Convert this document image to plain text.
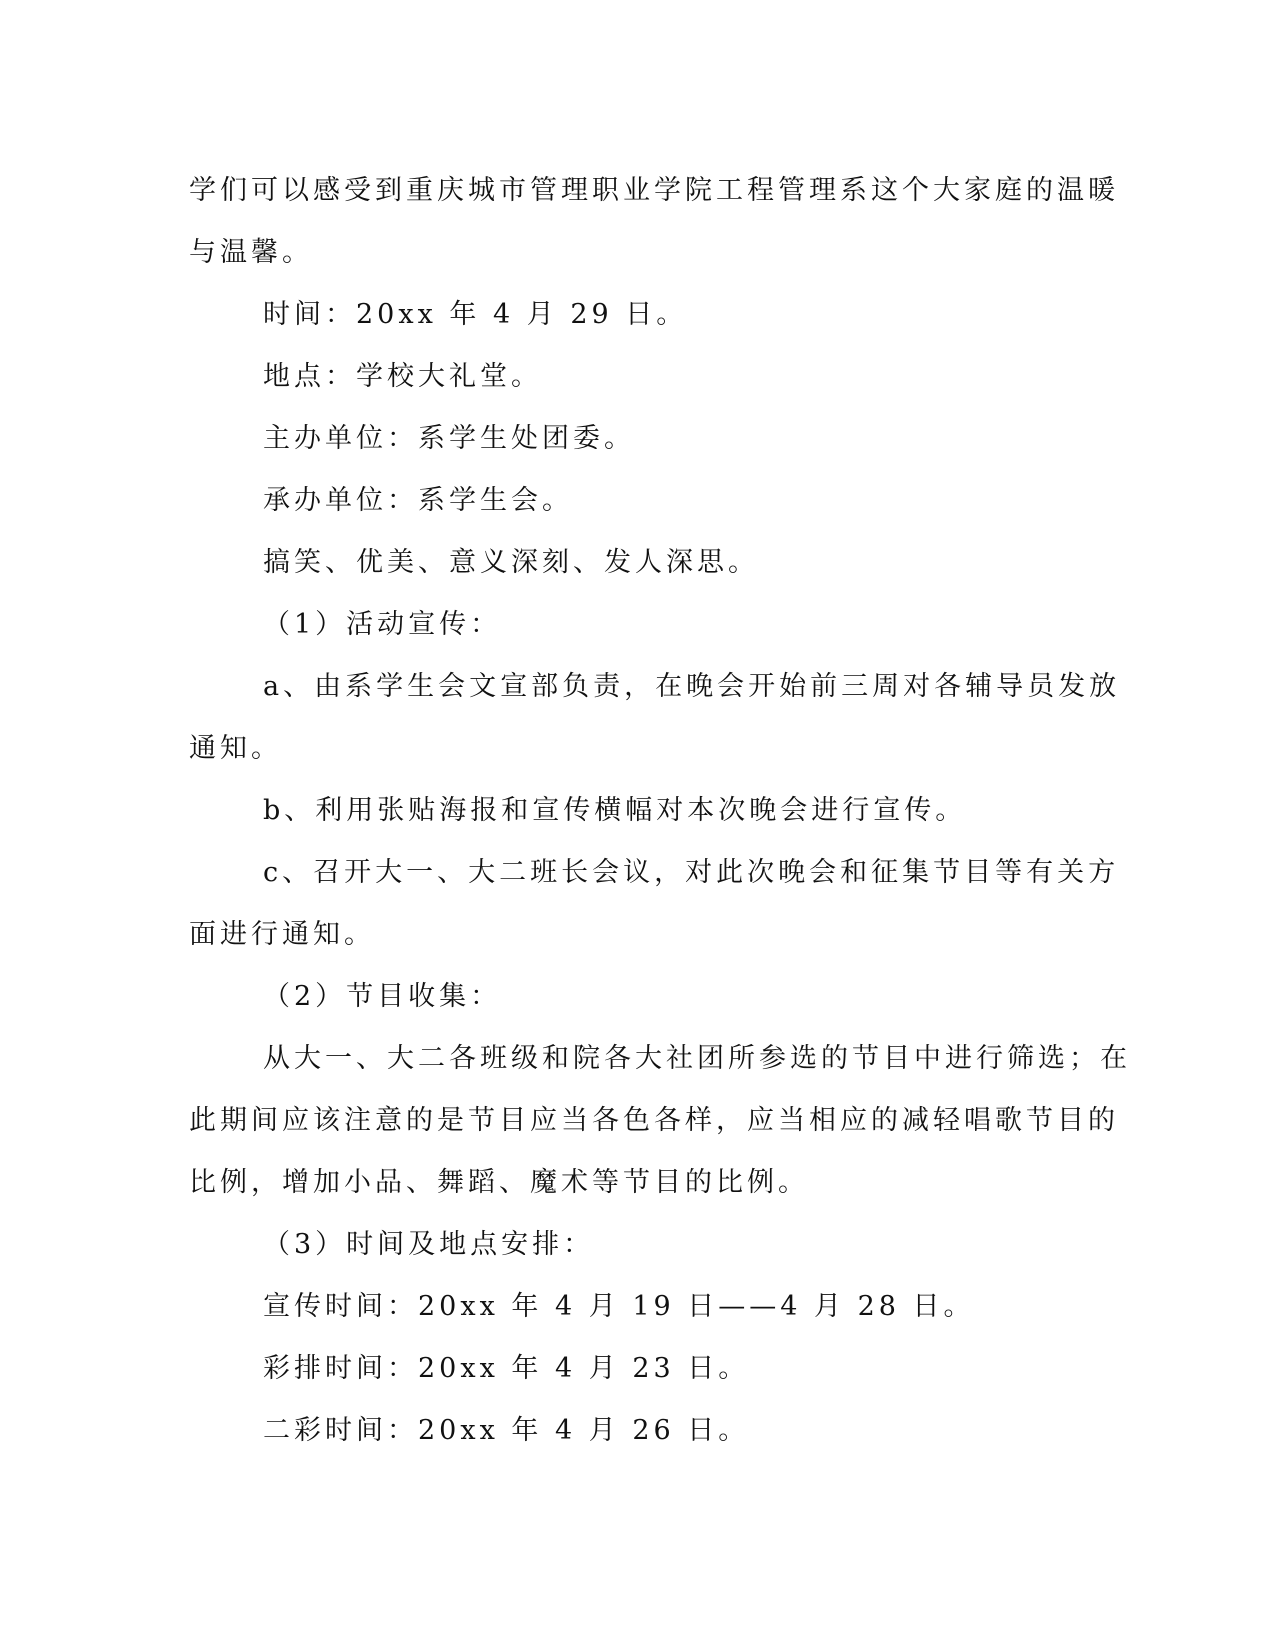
学们可以感受到重庆城市管理职业学院工程管理系这个大家庭的温暖
与温馨。
时间：20xx 年 4 月 29 日。
地点：学校大礼堂。
主办单位：系学生处团委。
承办单位：系学生会。
搞笑、优美、意义深刻、发人深思。
（1）活动宣传：
a、由系学生会文宣部负责，在晚会开始前三周对各辅导员发放
通知。
b、利用张贴海报和宣传横幅对本次晚会进行宣传。
c、召开大一、大二班长会议，对此次晚会和征集节目等有关方
面进行通知。
（2）节目收集：
从大一、大二各班级和院各大社团所参选的节目中进行筛选；在
此期间应该注意的是节目应当各色各样，应当相应的减轻唱歌节目的
比例，增加小品、舞蹈、魔术等节目的比例。
（3）时间及地点安排：
宣传时间：20xx 年 4 月 19 日——4 月 28 日。
彩排时间：20xx 年 4 月 23 日。
二彩时间：20xx 年 4 月 26 日。
